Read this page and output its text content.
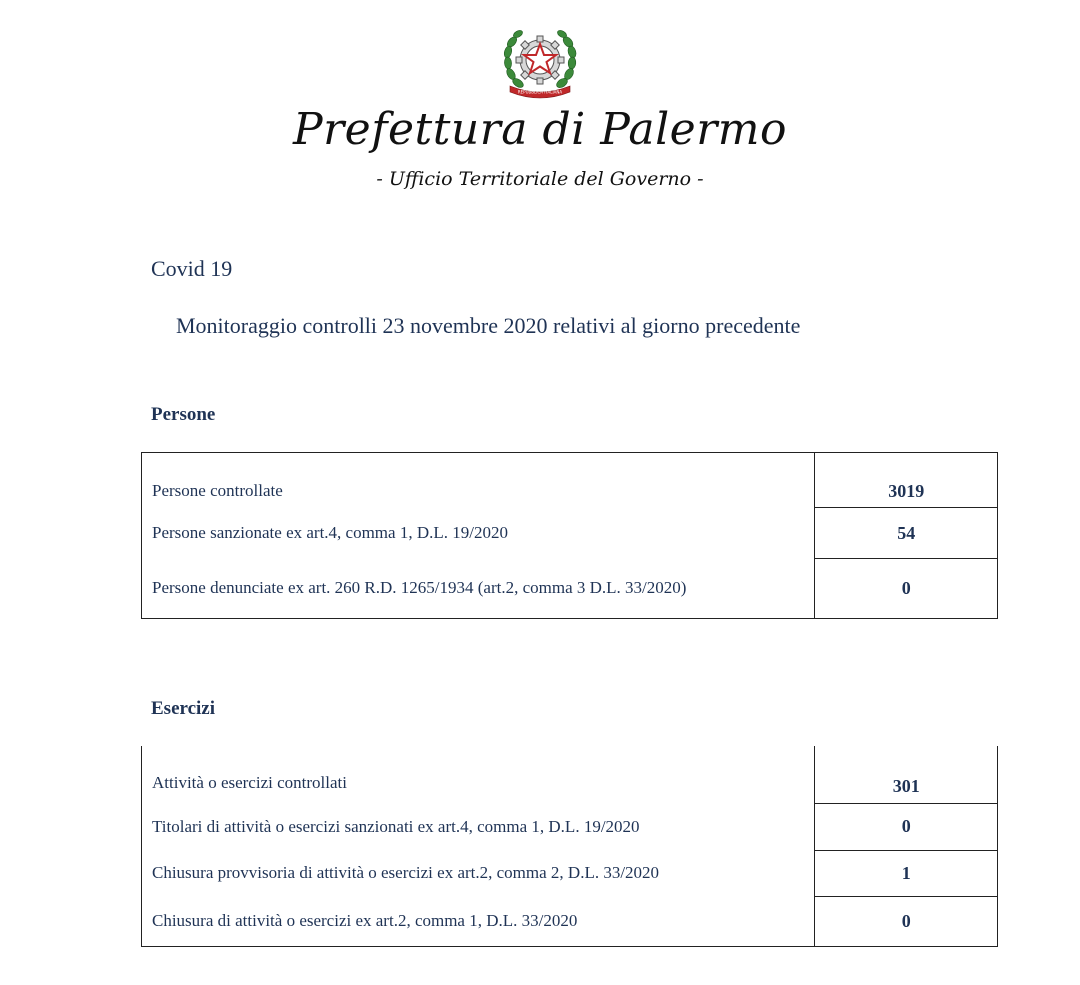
REPUBBLICA ITALIANA
Prefettura di Palermo
- Ufficio Territoriale del Governo -
Covid 19
Monitoraggio controlli 23 novembre 2020 relativi al giorno precedente
Persone
Persone controllate	3019
Persone sanzionate ex art.4, comma 1, D.L. 19/2020	54
Persone denunciate ex art. 260 R.D. 1265/1934 (art.2, comma 3 D.L. 33/2020)	0
Esercizi
Attività o esercizi controllati	301
Titolari di attività o esercizi sanzionati ex art.4, comma 1, D.L. 19/2020	0
Chiusura provvisoria di attività o esercizi ex art.2, comma 2, D.L. 33/2020	1
Chiusura di attività o esercizi ex art.2, comma 1, D.L. 33/2020	0
